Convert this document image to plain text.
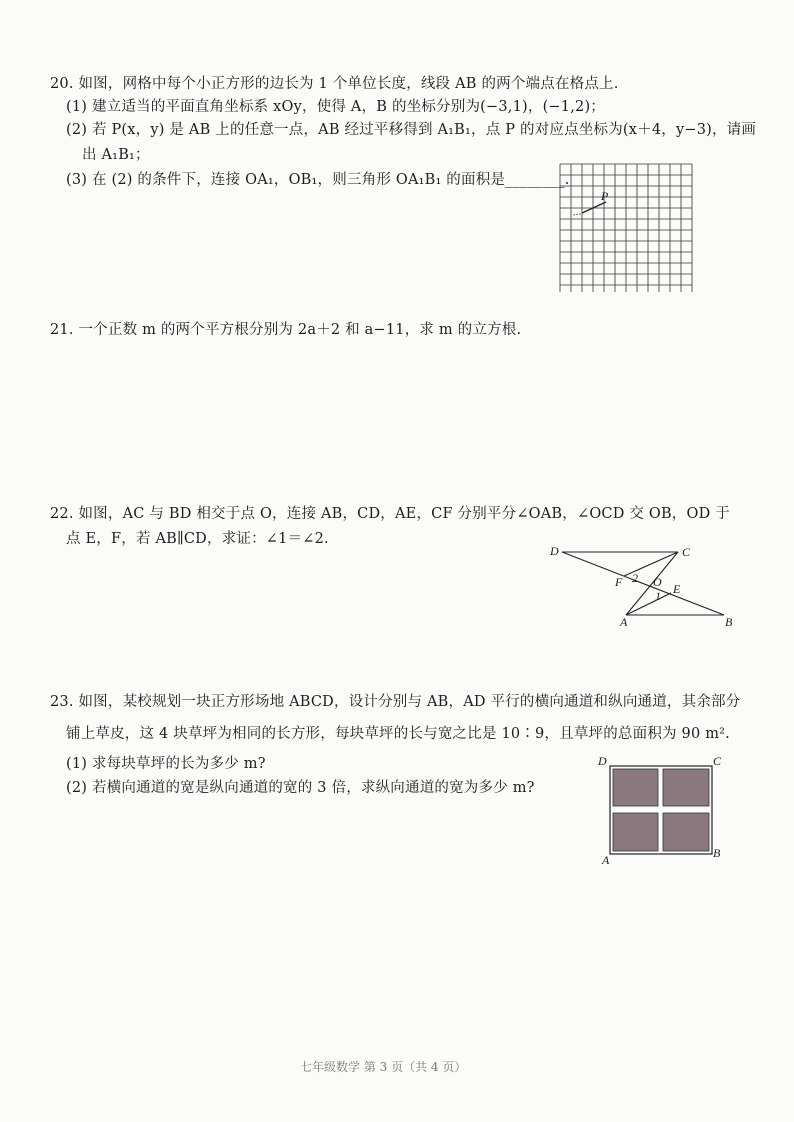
20. 如图，网格中每个小正方形的边长为 1 个单位长度，线段 AB 的两个端点在格点上.
(1) 建立适当的平面直角坐标系 xOy，使得 A，B 的坐标分别为(−3,1)，(−1,2)；
(2) 若 P(x，y) 是 AB 上的任意一点，AB 经过平移得到 A₁B₁，点 P 的对应点坐标为(x＋4，y−3)，请画
出 A₁B₁；
(3) 在 (2) 的条件下，连接 OA₁，OB₁，则三角形 OA₁B₁ 的面积是________.
P
21. 一个正数 m 的两个平方根分别为 2a＋2 和 a−11，求 m 的立方根.
22. 如图，AC 与 BD 相交于点 O，连接 AB，CD，AE，CF 分别平分∠OAB，∠OCD 交 OB，OD 于
点 E，F，若 AB∥CD，求证：∠1＝∠2.
D	C
F	O E
A	B
1
2
23. 如图，某校规划一块正方形场地 ABCD，设计分别与 AB，AD 平行的横向通道和纵向通道，其余部分
铺上草皮，这 4 块草坪为相同的长方形，每块草坪的长与宽之比是 10∶9，且草坪的总面积为 90 m².
(1) 求每块草坪的长为多少 m?
(2) 若横向通道的宽是纵向通道的宽的 3 倍，求纵向通道的宽为多少 m?
D	C
A	B
七年级数学 第 3 页（共 4 页）
